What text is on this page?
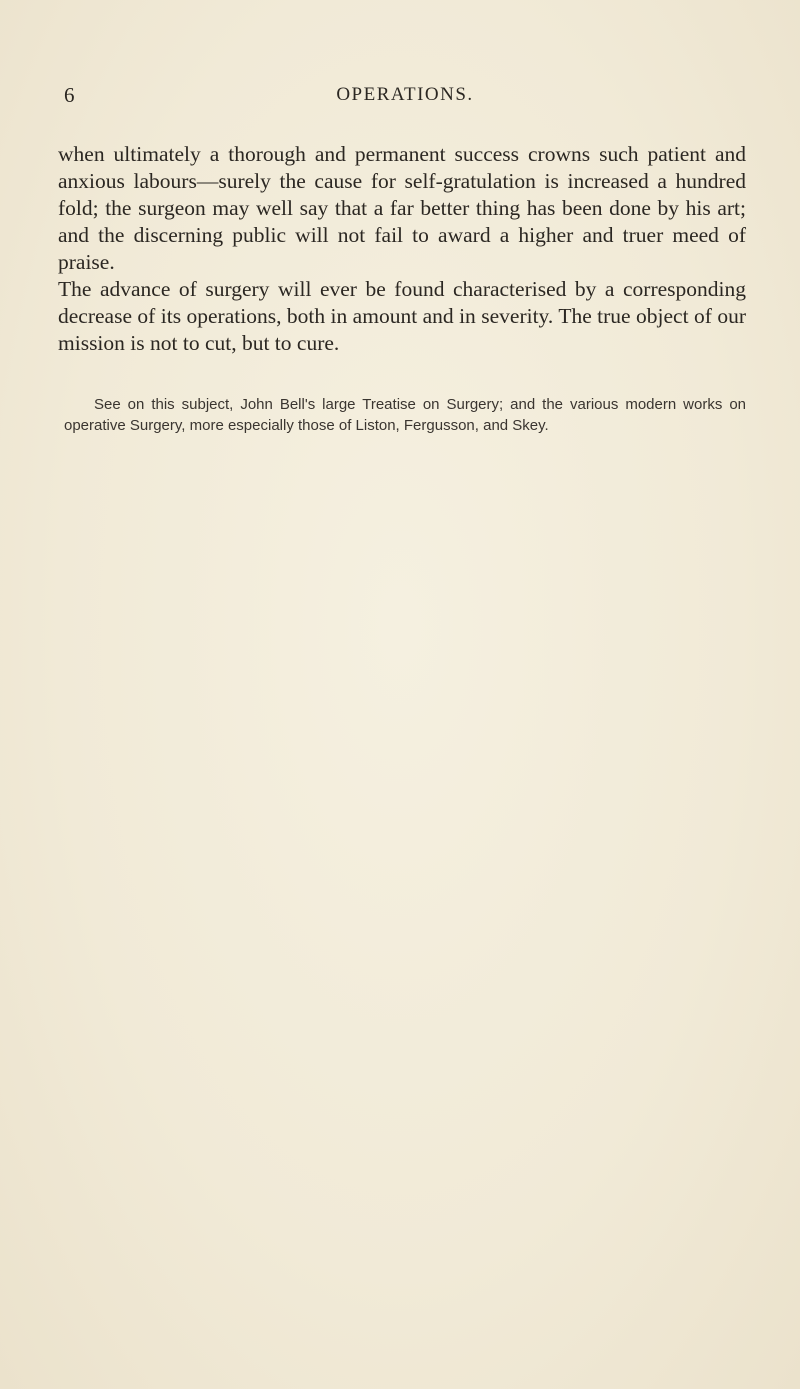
6	OPERATIONS.

when ultimately a thorough and permanent success crowns such patient and anxious labours—surely the cause for self-gratulation is increased a hundred fold; the surgeon may well say that a far better thing has been done by his art; and the discerning public will not fail to award a higher and truer meed of praise.

The advance of surgery will ever be found characterised by a corresponding decrease of its operations, both in amount and in severity. The true object of our mission is not to cut, but to cure.

See on this subject, John Bell's large Treatise on Surgery; and the various modern works on operative Surgery, more especially those of Liston, Fergusson, and Skey.
